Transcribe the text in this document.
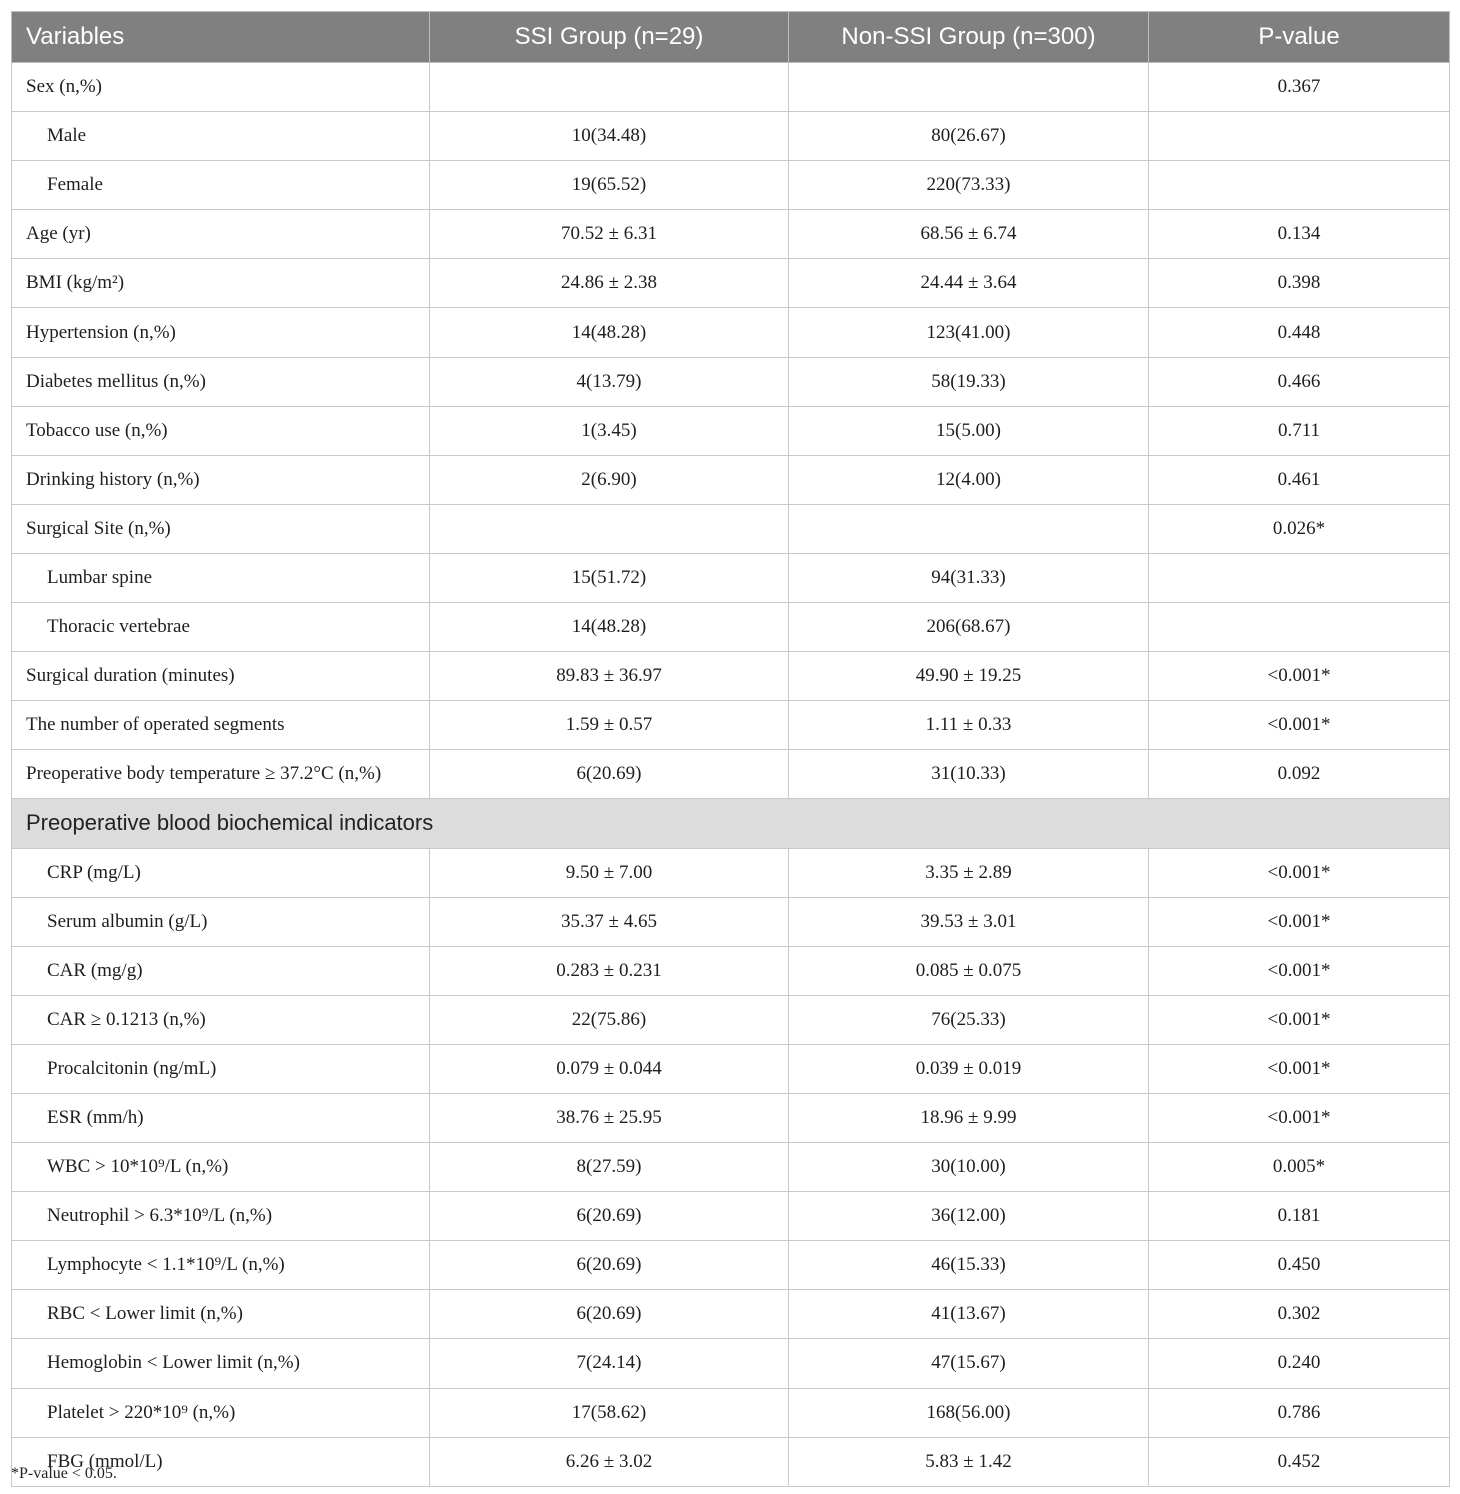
Variables	SSI Group (n=29)	Non-SSI Group (n=300)	P-value
Sex (n,%)			0.367
Male	10(34.48)	80(26.67)	
Female	19(65.52)	220(73.33)	
Age (yr)	70.52 ± 6.31	68.56 ± 6.74	0.134
BMI (kg/m²)	24.86 ± 2.38	24.44 ± 3.64	0.398
Hypertension (n,%)	14(48.28)	123(41.00)	0.448
Diabetes mellitus (n,%)	4(13.79)	58(19.33)	0.466
Tobacco use (n,%)	1(3.45)	15(5.00)	0.711
Drinking history (n,%)	2(6.90)	12(4.00)	0.461
Surgical Site (n,%)			0.026*
Lumbar spine	15(51.72)	94(31.33)	
Thoracic vertebrae	14(48.28)	206(68.67)	
Surgical duration (minutes)	89.83 ± 36.97	49.90 ± 19.25	<0.001*
The number of operated segments	1.59 ± 0.57	1.11 ± 0.33	<0.001*
Preoperative body temperature ≥ 37.2°C (n,%)	6(20.69)	31(10.33)	0.092
Preoperative blood biochemical indicators			
CRP (mg/L)	9.50 ± 7.00	3.35 ± 2.89	<0.001*
Serum albumin (g/L)	35.37 ± 4.65	39.53 ± 3.01	<0.001*
CAR (mg/g)	0.283 ± 0.231	0.085 ± 0.075	<0.001*
CAR ≥ 0.1213 (n,%)	22(75.86)	76(25.33)	<0.001*
Procalcitonin (ng/mL)	0.079 ± 0.044	0.039 ± 0.019	<0.001*
ESR (mm/h)	38.76 ± 25.95	18.96 ± 9.99	<0.001*
WBC > 10*10⁹/L (n,%)	8(27.59)	30(10.00)	0.005*
Neutrophil > 6.3*10⁹/L (n,%)	6(20.69)	36(12.00)	0.181
Lymphocyte < 1.1*10⁹/L (n,%)	6(20.69)	46(15.33)	0.450
RBC < Lower limit (n,%)	6(20.69)	41(13.67)	0.302
Hemoglobin < Lower limit (n,%)	7(24.14)	47(15.67)	0.240
Platelet > 220*10⁹ (n,%)	17(58.62)	168(56.00)	0.786
FBG (mmol/L)	6.26 ± 3.02	5.83 ± 1.42	0.452
*P-value < 0.05.
